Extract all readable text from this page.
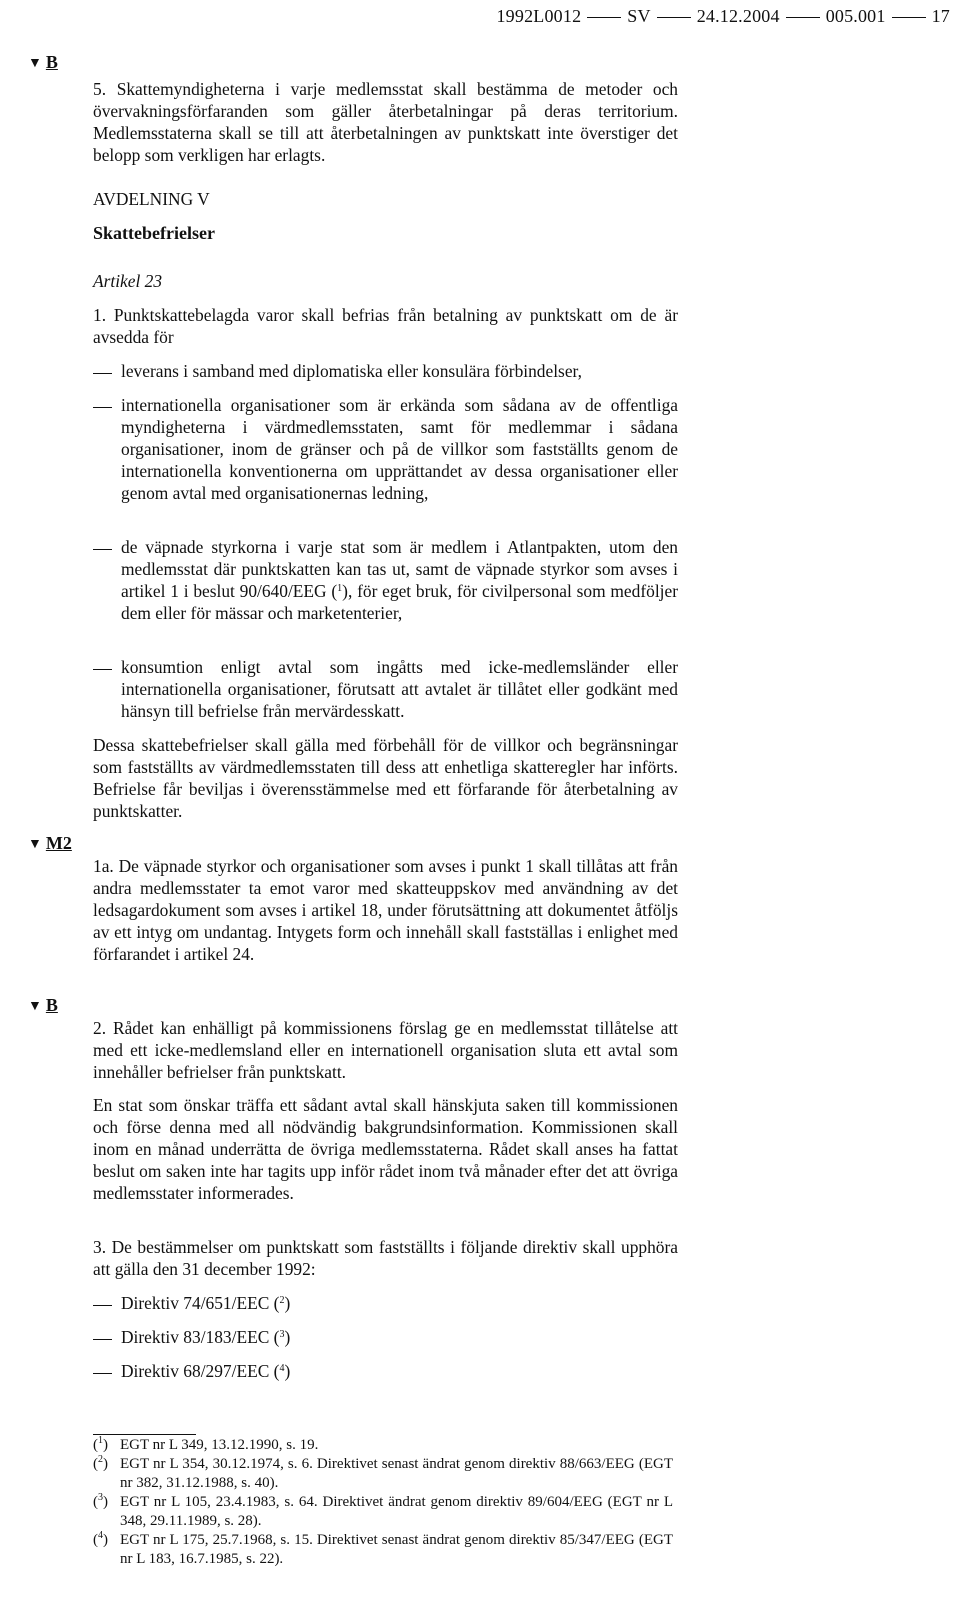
1992L0012	SV	24.12.2004	005.001	17
▼ B
▼ M2
▼ B

5. Skattemyndigheterna i varje medlemsstat skall bestämma de metoder och övervakningsförfaranden som gäller återbetalningar på deras territorium. Medlemsstaterna skall se till att återbetalningen av punktskatt inte överstiger det belopp som verkligen har erlagts.

AVDELNING V

Skattebefrielser

Artikel 23

1. Punktskattebelagda varor skall befrias från betalning av punktskatt om de är avsedda för

leverans i samband med diplomatiska eller konsulära förbindelser,
internationella organisationer som är erkända som sådana av de offentliga myndigheterna i värdmedlemsstaten, samt för medlemmar i sådana organisationer, inom de gränser och på de villkor som fastställts genom de internationella konventionerna om upprättandet av dessa organisationer eller genom avtal med organisationernas ledning,
de väpnade styrkorna i varje stat som är medlem i Atlantpakten, utom den medlemsstat där punktskatten kan tas ut, samt de väpnade styrkor som avses i artikel 1 i beslut 90/640/EEG ($^1$), för eget bruk, för civilpersonal som medföljer dem eller för mässar och marketenterier,
konsumtion enligt avtal som ingåtts med icke-medlemsländer eller internationella organisationer, förutsatt att avtalet är tillåtet eller godkänt med hänsyn till befrielse från mervärdesskatt.

Dessa skattebefrielser skall gälla med förbehåll för de villkor och begränsningar som fastställts av värdmedlemsstaten till dess att enhetliga skatteregler har införts. Befrielse får beviljas i överensstämmelse med ett förfarande för återbetalning av punktskatter.

1a. De väpnade styrkor och organisationer som avses i punkt 1 skall tillåtas att från andra medlemsstater ta emot varor med skatteuppskov med användning av det ledsagardokument som avses i artikel 18, under förutsättning att dokumentet åtföljs av ett intyg om undantag. Intygets form och innehåll skall fastställas i enlighet med förfarandet i artikel 24.

2. Rådet kan enhälligt på kommissionens förslag ge en medlemsstat tillåtelse att med ett icke-medlemsland eller en internationell organisation sluta ett avtal som innehåller befrielser från punktskatt.

En stat som önskar träffa ett sådant avtal skall hänskjuta saken till kommissionen och förse denna med all nödvändig bakgrundsinformation. Kommissionen skall inom en månad underrätta de övriga medlemsstaterna. Rådet skall anses ha fattat beslut om saken inte har tagits upp inför rådet inom två månader efter det att övriga medlemsstater informerades.

3. De bestämmelser om punktskatt som fastställts i följande direktiv skall upphöra att gälla den 31 december 1992:

Direktiv 74/651/EEC ($^2$)
Direktiv 83/183/EEC ($^3$)
Direktiv 68/297/EEC ($^4$)
($^1$) EGT nr L 349, 13.12.1990, s. 19.
($^2$) EGT nr L 354, 30.12.1974, s. 6. Direktivet senast ändrat genom direktiv 88/663/EEG (EGT nr 382, 31.12.1988, s. 40).
($^3$) EGT nr L 105, 23.4.1983, s. 64. Direktivet ändrat genom direktiv 89/604/EEG (EGT nr L 348, 29.11.1989, s. 28).
($^4$) EGT nr L 175, 25.7.1968, s. 15. Direktivet senast ändrat genom direktiv 85/347/EEG (EGT nr L 183, 16.7.1985, s. 22).
